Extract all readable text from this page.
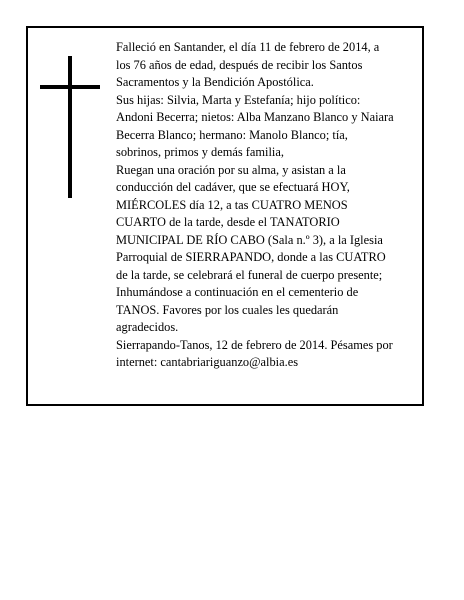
Falleció en Santander, el día 11 de febrero de 2014, a
los 76 años de edad, después de recibir los Santos
Sacramentos y la Bendición Apostólica.
Sus hijas: Silvia, Marta y Estefanía; hijo político:
Andoni Becerra; nietos: Alba Manzano Blanco y Naiara
Becerra Blanco; hermano: Manolo Blanco; tía,
sobrinos, primos y demás familia,
Ruegan una oración por su alma, y asistan a la
conducción del cadáver, que se efectuará HOY,
MIÉRCOLES día 12, a tas CUATRO MENOS
CUARTO de la tarde, desde el TANATORIO
MUNICIPAL DE RÍO CABO (Sala n.º 3), a la Iglesia
Parroquial de SIERRAPANDO, donde a las CUATRO
de la tarde, se celebrará el funeral de cuerpo presente;
Inhumándose a continuación en el cementerio de
TANOS. Favores por los cuales les quedarán
agradecidos.
Sierrapando-Tanos, 12 de febrero de 2014. Pésames por
internet: cantabriariguanzo@albia.es
